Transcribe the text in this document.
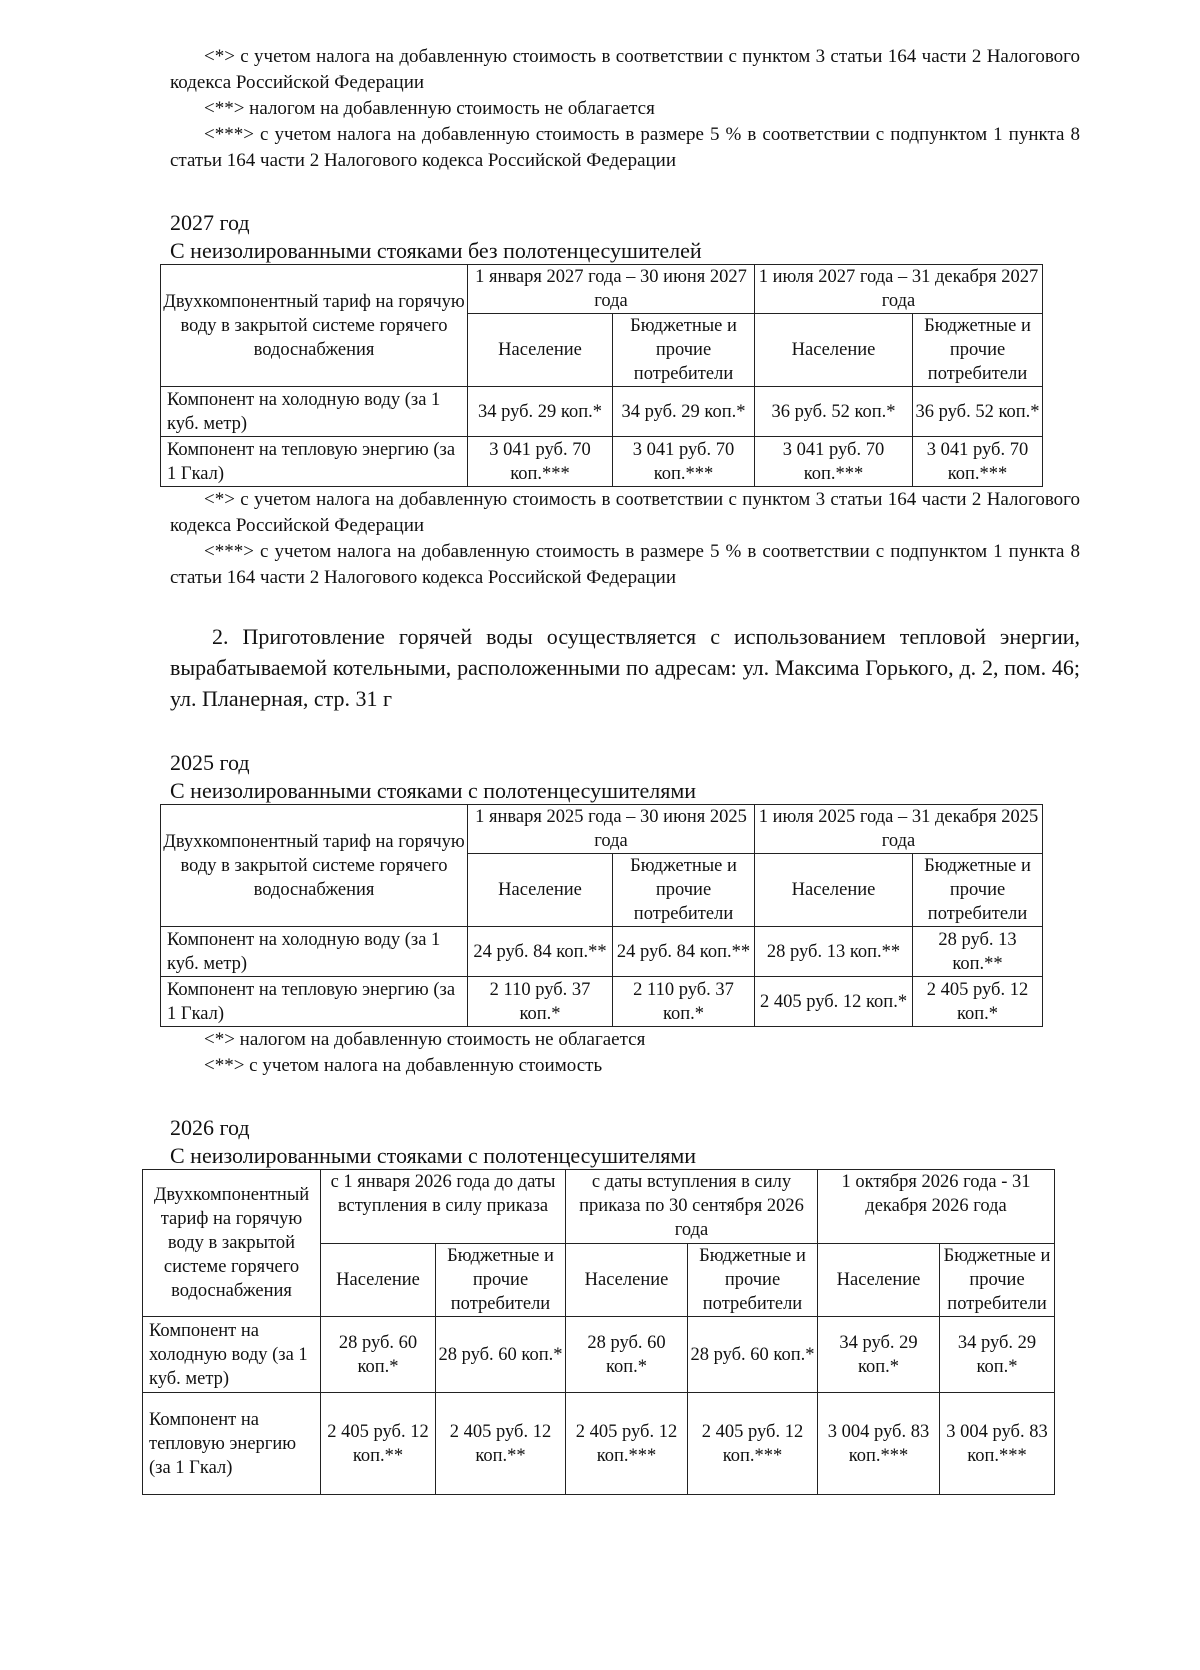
<*> с учетом налога на добавленную стоимость в соответствии с пунктом 3 статьи 164 части 2 Налогового кодекса Российской Федерации

<**> налогом на добавленную стоимость не облагается

<***> с учетом налога на добавленную стоимость в размере 5 % в соответствии с подпунктом 1 пункта 8 статьи 164 части 2 Налогового кодекса Российской Федерации

2027 год
С неизолированными стояками без полотенцесушителей
Двухкомпонентный тариф на горячую воду в закрытой системе горячего водоснабжения	1 января 2027 года – 30 июня 2027 года		1 июля 2027 года – 31 декабря 2027 года	
	Население	Бюджетные и прочие потребители	Население	Бюджетные и прочие потребители
Компонент на холодную воду (за 1 куб. метр)	34 руб. 29 коп.*	34 руб. 29 коп.*	36 руб. 52 коп.*	36 руб. 52 коп.*
Компонент на тепловую энергию (за 1 Гкал)	3 041 руб. 70 коп.***	3 041 руб. 70 коп.***	3 041 руб. 70 коп.***	3 041 руб. 70 коп.***

<*> с учетом налога на добавленную стоимость в соответствии с пунктом 3 статьи 164 части 2 Налогового кодекса Российской Федерации

<***> с учетом налога на добавленную стоимость в размере 5 % в соответствии с подпунктом 1 пункта 8 статьи 164 части 2 Налогового кодекса Российской Федерации

2. Приготовление горячей воды осуществляется с использованием тепловой энергии, вырабатываемой котельными, расположенными по адресам: ул. Максима Горького, д. 2, пом. 46; ул. Планерная, стр. 31 г

2025 год
С неизолированными стояками с полотенцесушителями
Двухкомпонентный тариф на горячую воду в закрытой системе горячего водоснабжения	1 января 2025 года – 30 июня 2025 года		1 июля 2025 года – 31 декабря 2025 года	
	Население	Бюджетные и прочие потребители	Население	Бюджетные и прочие потребители
Компонент на холодную воду (за 1 куб. метр)	24 руб. 84 коп.**	24 руб. 84 коп.**	28 руб. 13 коп.**	28 руб. 13 коп.**
Компонент на тепловую энергию (за 1 Гкал)	2 110 руб. 37 коп.*	2 110 руб. 37 коп.*	2 405 руб. 12 коп.*	2 405 руб. 12 коп.*

<*> налогом на добавленную стоимость не облагается

<**> с учетом налога на добавленную стоимость

2026 год
С неизолированными стояками с полотенцесушителями
Двухкомпонентный тариф на горячую воду в закрытой системе горячего водоснабжения	с 1 января 2026 года до даты вступления в силу приказа		с даты вступления в силу приказа по 30 сентября 2026 года		1 октября 2026 года - 31 декабря 2026 года	
	Население	Бюджетные и прочие потребители	Население	Бюджетные и прочие потребители	Население	Бюджетные и прочие потребители
Компонент на холодную воду (за 1 куб. метр)	28 руб. 60 коп.*	28 руб. 60 коп.*	28 руб. 60 коп.*	28 руб. 60 коп.*	34 руб. 29 коп.*	34 руб. 29 коп.*
Компонент на тепловую энергию (за 1 Гкал)	2 405 руб. 12 коп.**	2 405 руб. 12 коп.**	2 405 руб. 12 коп.***	2 405 руб. 12 коп.***	3 004 руб. 83 коп.***	3 004 руб. 83 коп.***
